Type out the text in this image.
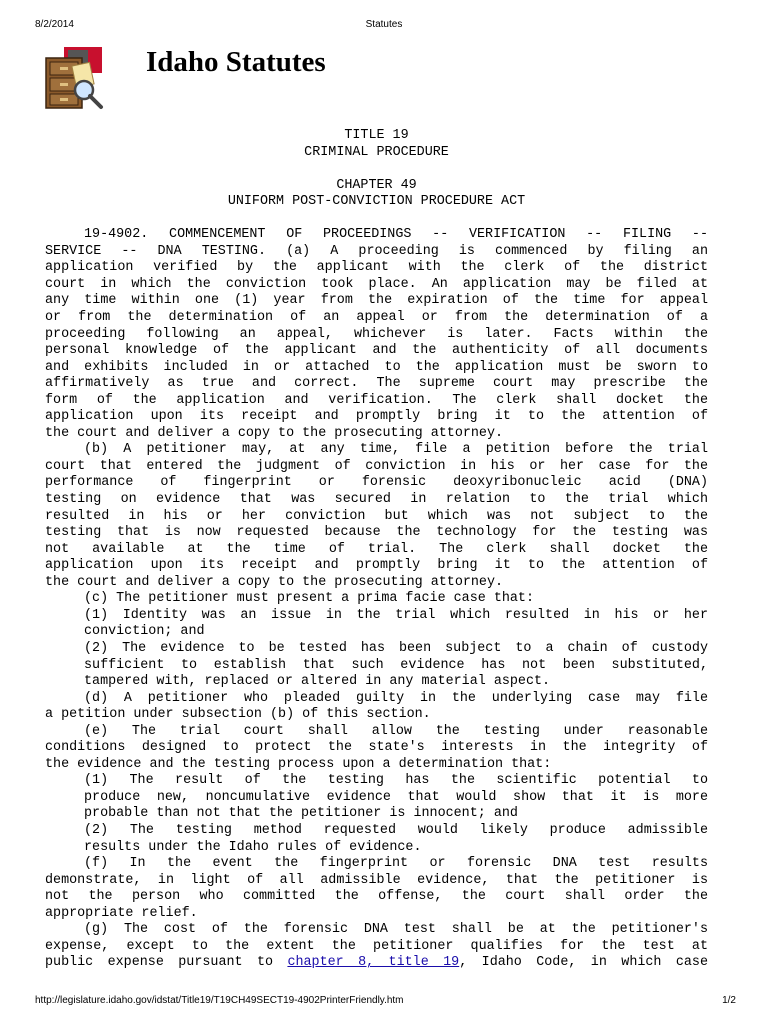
8/2/2014	Statutes
Idaho Statutes
TITLE 19
CRIMINAL PROCEDURE
CHAPTER 49
UNIFORM POST-CONVICTION PROCEDURE ACT
19-4902. COMMENCEMENT OF PROCEEDINGS -- VERIFICATION -- FILING --
SERVICE -- DNA TESTING. (a) A proceeding is commenced by filing an
application verified by the applicant with the clerk of the district
court in which the conviction took place. An application may be filed at
any time within one (1) year from the expiration of the time for appeal
or from the determination of an appeal or from the determination of a
proceeding following an appeal, whichever is later. Facts within the
personal knowledge of the applicant and the authenticity of all documents
and exhibits included in or attached to the application must be sworn to
affirmatively as true and correct. The supreme court may prescribe the
form of the application and verification. The clerk shall docket the
application upon its receipt and promptly bring it to the attention of
the court and deliver a copy to the prosecuting attorney.
(b) A petitioner may, at any time, file a petition before the trial
court that entered the judgment of conviction in his or her case for the
performance of fingerprint or forensic deoxyribonucleic acid (DNA)
testing on evidence that was secured in relation to the trial which
resulted in his or her conviction but which was not subject to the
testing that is now requested because the technology for the testing was
not available at the time of trial. The clerk shall docket the
application upon its receipt and promptly bring it to the attention of
the court and deliver a copy to the prosecuting attorney.
(c) The petitioner must present a prima facie case that:
(1) Identity was an issue in the trial which resulted in his or her
conviction; and
(2) The evidence to be tested has been subject to a chain of custody
sufficient to establish that such evidence has not been substituted,
tampered with, replaced or altered in any material aspect.
(d) A petitioner who pleaded guilty in the underlying case may file
a petition under subsection (b) of this section.
(e) The trial court shall allow the testing under reasonable
conditions designed to protect the state's interests in the integrity of
the evidence and the testing process upon a determination that:
(1) The result of the testing has the scientific potential to
produce new, noncumulative evidence that would show that it is more
probable than not that the petitioner is innocent; and
(2) The testing method requested would likely produce admissible
results under the Idaho rules of evidence.
(f) In the event the fingerprint or forensic DNA test results
demonstrate, in light of all admissible evidence, that the petitioner is
not the person who committed the offense, the court shall order the
appropriate relief.
(g) The cost of the forensic DNA test shall be at the petitioner's
expense, except to the extent the petitioner qualifies for the test at
public expense pursuant to chapter 8, title 19, Idaho Code, in which case
http://legislature.idaho.gov/idstat/Title19/T19CH49SECT19-4902PrinterFriendly.htm	1/2
